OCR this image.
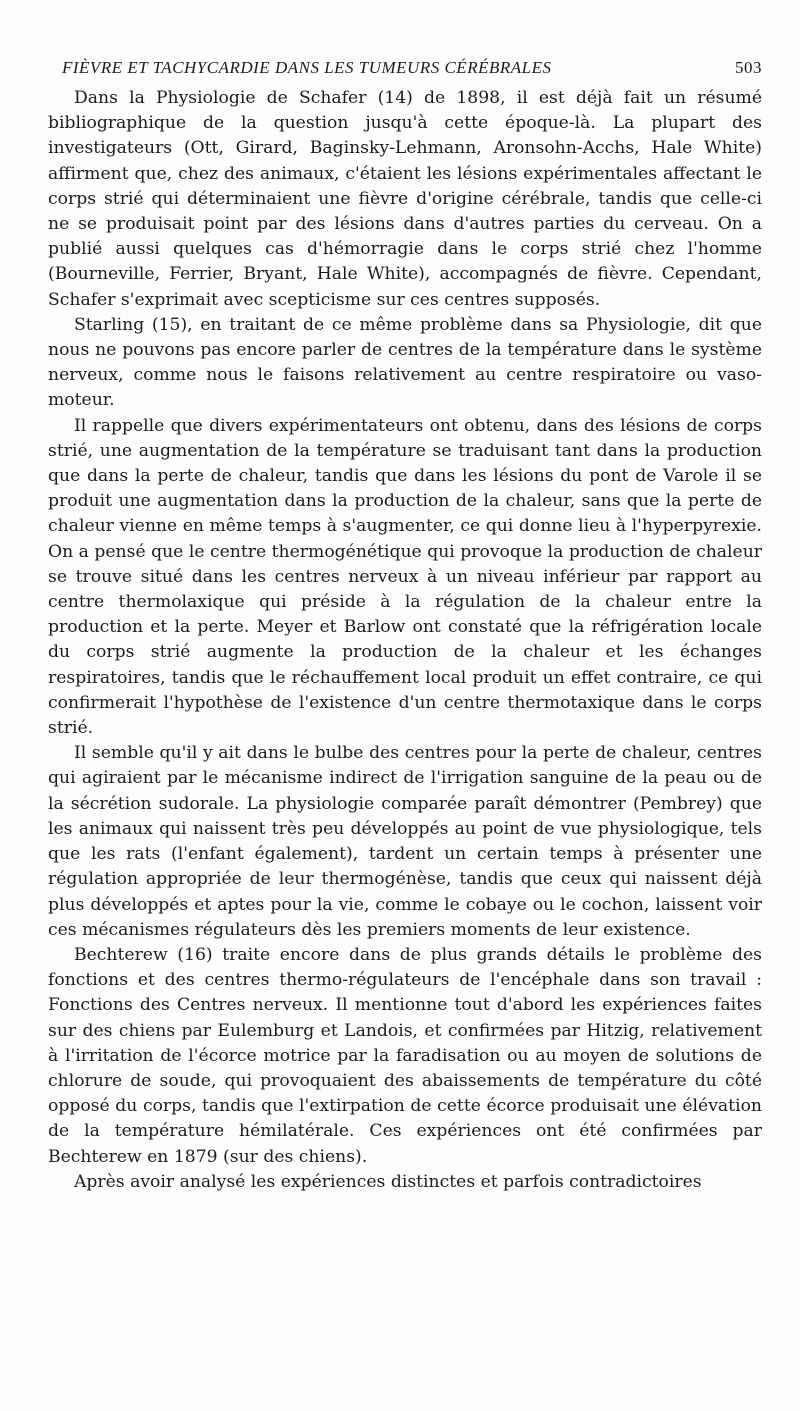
FIÈVRE ET TACHYCARDIE DANS LES TUMEURS CÉRÉBRALES	503

Dans la Physiologie de Schafer (14) de 1898, il est déjà fait un résumé bibliographique de la question jusqu'à cette époque-là. La plupart des investigateurs (Ott, Girard, Baginsky-Lehmann, Aronsohn-Acchs, Hale White) affirment que, chez des animaux, c'étaient les lésions expérimentales affectant le corps strié qui déterminaient une fièvre d'origine cérébrale, tandis que celle-ci ne se produisait point par des lésions dans d'autres parties du cerveau. On a publié aussi quelques cas d'hémorragie dans le corps strié chez l'homme (Bourneville, Ferrier, Bryant, Hale White), accompagnés de fièvre. Cependant, Schafer s'exprimait avec scepticisme sur ces centres supposés.

Starling (15), en traitant de ce même problème dans sa Physiologie, dit que nous ne pouvons pas encore parler de centres de la température dans le système nerveux, comme nous le faisons relativement au centre respiratoire ou vaso-moteur.

Il rappelle que divers expérimentateurs ont obtenu, dans des lésions de corps strié, une augmentation de la température se traduisant tant dans la production que dans la perte de chaleur, tandis que dans les lésions du pont de Varole il se produit une augmentation dans la production de la chaleur, sans que la perte de chaleur vienne en même temps à s'augmenter, ce qui donne lieu à l'hyperpyrexie. On a pensé que le centre thermogénétique qui provoque la production de chaleur se trouve situé dans les centres nerveux à un niveau inférieur par rapport au centre thermolaxique qui préside à la régulation de la chaleur entre la production et la perte. Meyer et Barlow ont constaté que la réfrigération locale du corps strié augmente la production de la chaleur et les échanges respiratoires, tandis que le réchauffement local produit un effet contraire, ce qui confirmerait l'hypothèse de l'existence d'un centre thermotaxique dans le corps strié.

Il semble qu'il y ait dans le bulbe des centres pour la perte de chaleur, centres qui agiraient par le mécanisme indirect de l'irrigation sanguine de la peau ou de la sécrétion sudorale. La physiologie comparée paraît démontrer (Pembrey) que les animaux qui naissent très peu développés au point de vue physiologique, tels que les rats (l'enfant également), tardent un certain temps à présenter une régulation appropriée de leur thermogénèse, tandis que ceux qui naissent déjà plus développés et aptes pour la vie, comme le cobaye ou le cochon, laissent voir ces mécanismes régulateurs dès les premiers moments de leur existence.

Bechterew (16) traite encore dans de plus grands détails le problème des fonctions et des centres thermo-régulateurs de l'encéphale dans son travail : Fonctions des Centres nerveux. Il mentionne tout d'abord les expériences faites sur des chiens par Eulemburg et Landois, et confirmées par Hitzig, relativement à l'irritation de l'écorce motrice par la faradisation ou au moyen de solutions de chlorure de soude, qui provoquaient des abaissements de température du côté opposé du corps, tandis que l'extirpation de cette écorce produisait une élévation de la température hémilatérale. Ces expériences ont été confirmées par Bechterew en 1879 (sur des chiens).

Après avoir analysé les expériences distinctes et parfois contradictoires
